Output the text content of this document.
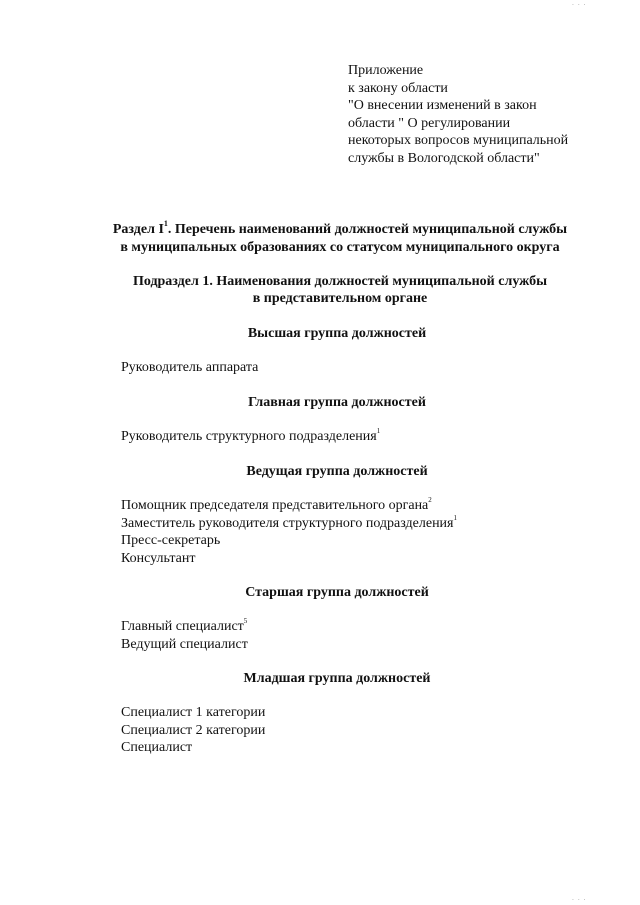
. . .
. . .
Приложение
к закону области
"О внесении изменений в закон
области " О регулировании
некоторых вопросов муниципальной
службы в Вологодской области"
Раздел $I^1$. Перечень наименований должностей муниципальной службы
в муниципальных образованиях со статусом муниципального округа
Подраздел 1. Наименования должностей муниципальной службы
в представительном органе
Высшая группа должностей
Руководитель аппарата
Главная группа должностей
Руководитель структурного подразделения$^1$
Ведущая группа должностей
Помощник председателя представительного органа$^2$
Заместитель руководителя структурного подразделения$^1$
Пресс-секретарь
Консультант
Старшая группа должностей
Главный специалист$^5$
Ведущий специалист
Младшая группа должностей
Специалист 1 категории
Специалист 2 категории
Специалист
